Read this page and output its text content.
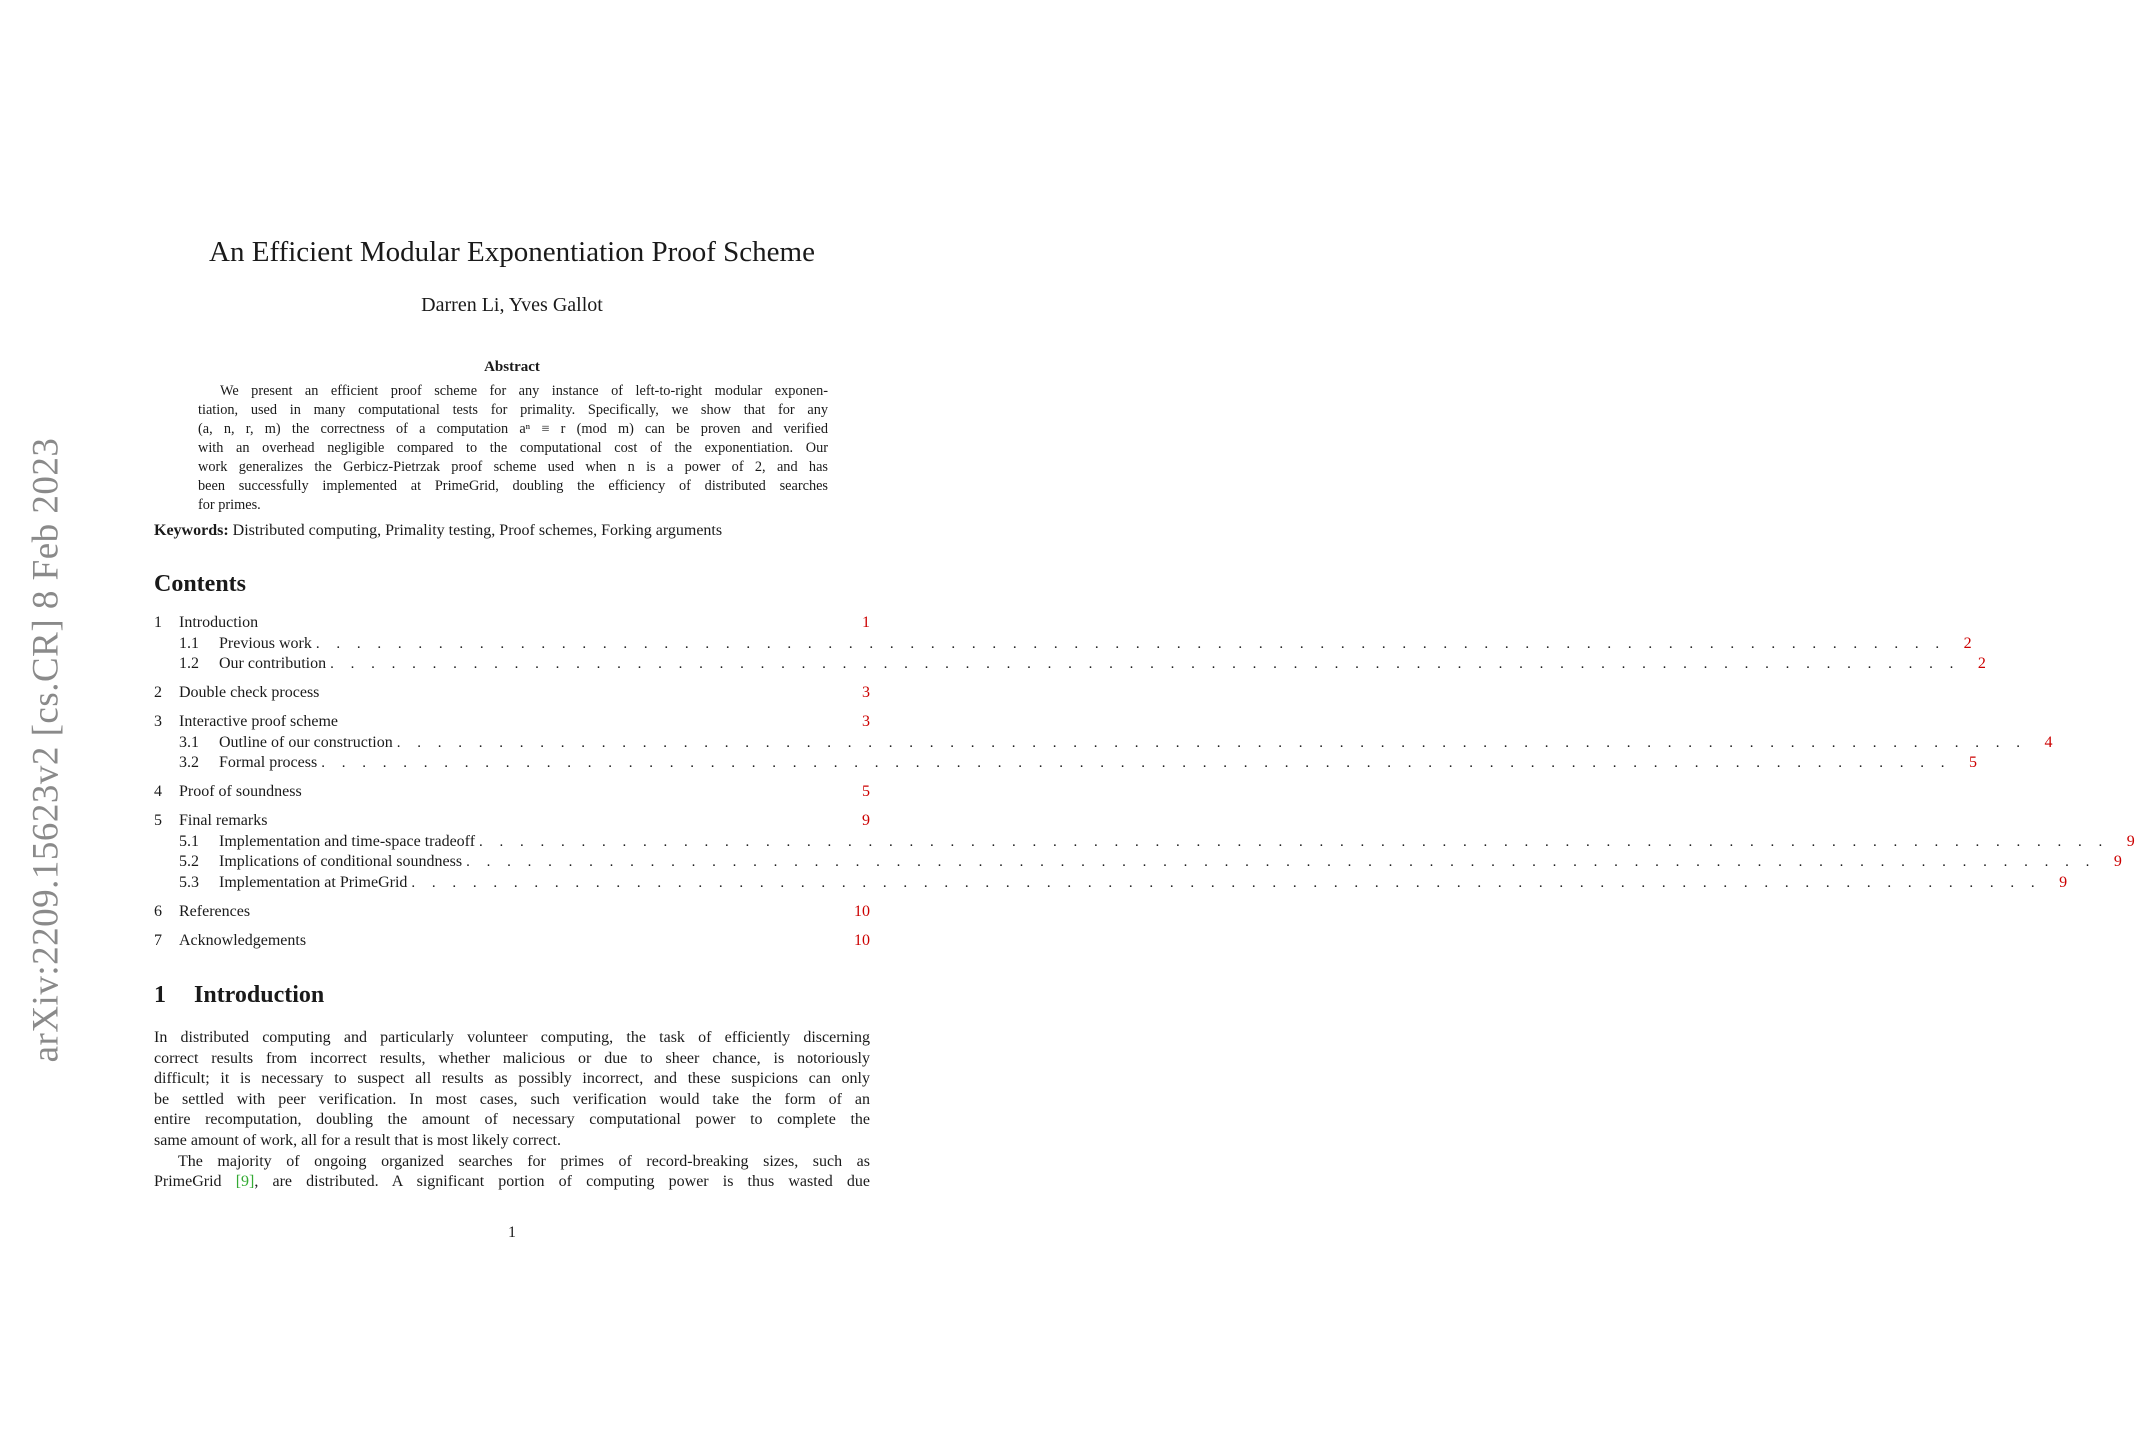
arXiv:2209.15623v2 [cs.CR] 8 Feb 2023
An Efficient Modular Exponentiation Proof Scheme
Darren Li, Yves Gallot
Abstract
We present an efficient proof scheme for any instance of left-to-right modular exponen-
tiation, used in many computational tests for primality. Specifically, we show that for any
(a, n, r, m) the correctness of a computation aⁿ ≡ r (mod m) can be proven and verified
with an overhead negligible compared to the computational cost of the exponentiation. Our
work generalizes the Gerbicz-Pietrzak proof scheme used when n is a power of 2, and has
been successfully implemented at PrimeGrid, doubling the efficiency of distributed searches
for primes.
Keywords: Distributed computing, Primality testing, Proof schemes, Forking arguments
Contents
1	Introduction	1
1.1	Previous work . . . . . . . . . . . . . . . . . . . . . . . . . . . . . . . . . . . . . . . . . . . . . . . . . . . . . . . . . . . . . . . . . . . . . . . . . . . . . . . .	2
1.2	Our contribution . . . . . . . . . . . . . . . . . . . . . . . . . . . . . . . . . . . . . . . . . . . . . . . . . . . . . . . . . . . . . . . . . . . . . . . . . . . . . . . .	2
2	Double check process	3
3	Interactive proof scheme	3
3.1	Outline of our construction . . . . . . . . . . . . . . . . . . . . . . . . . . . . . . . . . . . . . . . . . . . . . . . . . . . . . . . . . . . . . . . . . . . . . . . . . . . . . . . .	4
3.2	Formal process . . . . . . . . . . . . . . . . . . . . . . . . . . . . . . . . . . . . . . . . . . . . . . . . . . . . . . . . . . . . . . . . . . . . . . . . . . . . . . . .	5
4	Proof of soundness	5
5	Final remarks	9
5.1	Implementation and time-space tradeoff . . . . . . . . . . . . . . . . . . . . . . . . . . . . . . . . . . . . . . . . . . . . . . . . . . . . . . . . . . . . . . . . . . . . . . . . . . . . . . . .	9
5.2	Implications of conditional soundness . . . . . . . . . . . . . . . . . . . . . . . . . . . . . . . . . . . . . . . . . . . . . . . . . . . . . . . . . . . . . . . . . . . . . . . . . . . . . . . .	9
5.3	Implementation at PrimeGrid . . . . . . . . . . . . . . . . . . . . . . . . . . . . . . . . . . . . . . . . . . . . . . . . . . . . . . . . . . . . . . . . . . . . . . . . . . . . . . . .	9
6	References	10
7	Acknowledgements	10
1 Introduction
In distributed computing and particularly volunteer computing, the task of efficiently discerning
correct results from incorrect results, whether malicious or due to sheer chance, is notoriously
difficult; it is necessary to suspect all results as possibly incorrect, and these suspicions can only
be settled with peer verification. In most cases, such verification would take the form of an
entire recomputation, doubling the amount of necessary computational power to complete the
same amount of work, all for a result that is most likely correct.
The majority of ongoing organized searches for primes of record-breaking sizes, such as
PrimeGrid [9], are distributed. A significant portion of computing power is thus wasted due
1
